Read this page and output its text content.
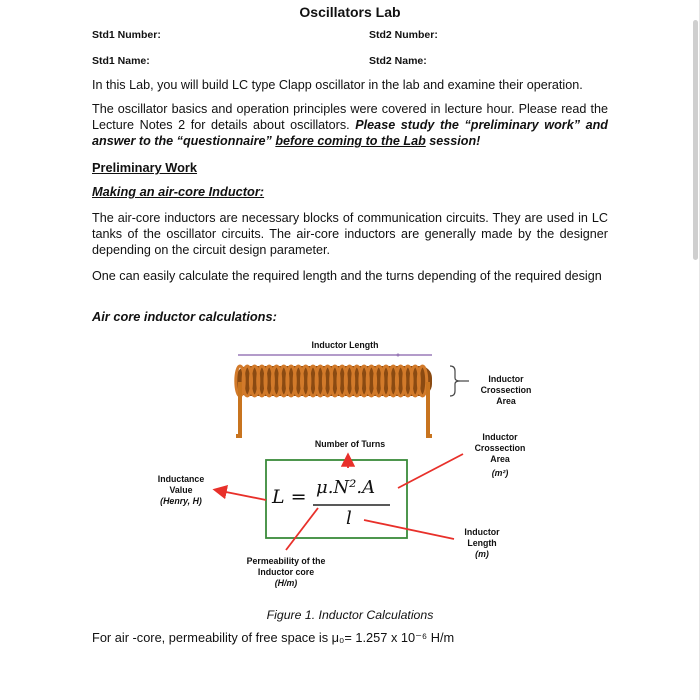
Oscillators Lab
Std1 Number:	Std2 Number:
Std1 Name:	Std2 Name:
In this Lab, you will build LC type Clapp oscillator in the lab and examine their operation.
The oscillator basics and operation principles were covered in lecture hour. Please read the Lecture Notes 2 for details about oscillators. Please study the “preliminary work” and answer to the “questionnaire” before coming to the Lab session!
Preliminary Work
Making an air-core Inductor:
The air-core inductors are necessary blocks of communication circuits. They are used in LC tanks of the oscillator circuits. The air-core inductors are generally made by the designer depending on the circuit design parameter.
One can easily calculate the required length and the turns depending of the required design
Air core inductor calculations:
Inductor Length
Inductor
Crossection
Area
Inductor
Crossection
Area
(m²)
Number of Turns
Inductance
Value
(Henry, H)
Inductor
Length
(m)
Permeability of the
Inductor core
(H/m)
L = μ.N².A
l
Figure 1. Inductor Calculations
For air -core, permeability of free space is μ₀= 1.257 x 10⁻⁶ H/m
